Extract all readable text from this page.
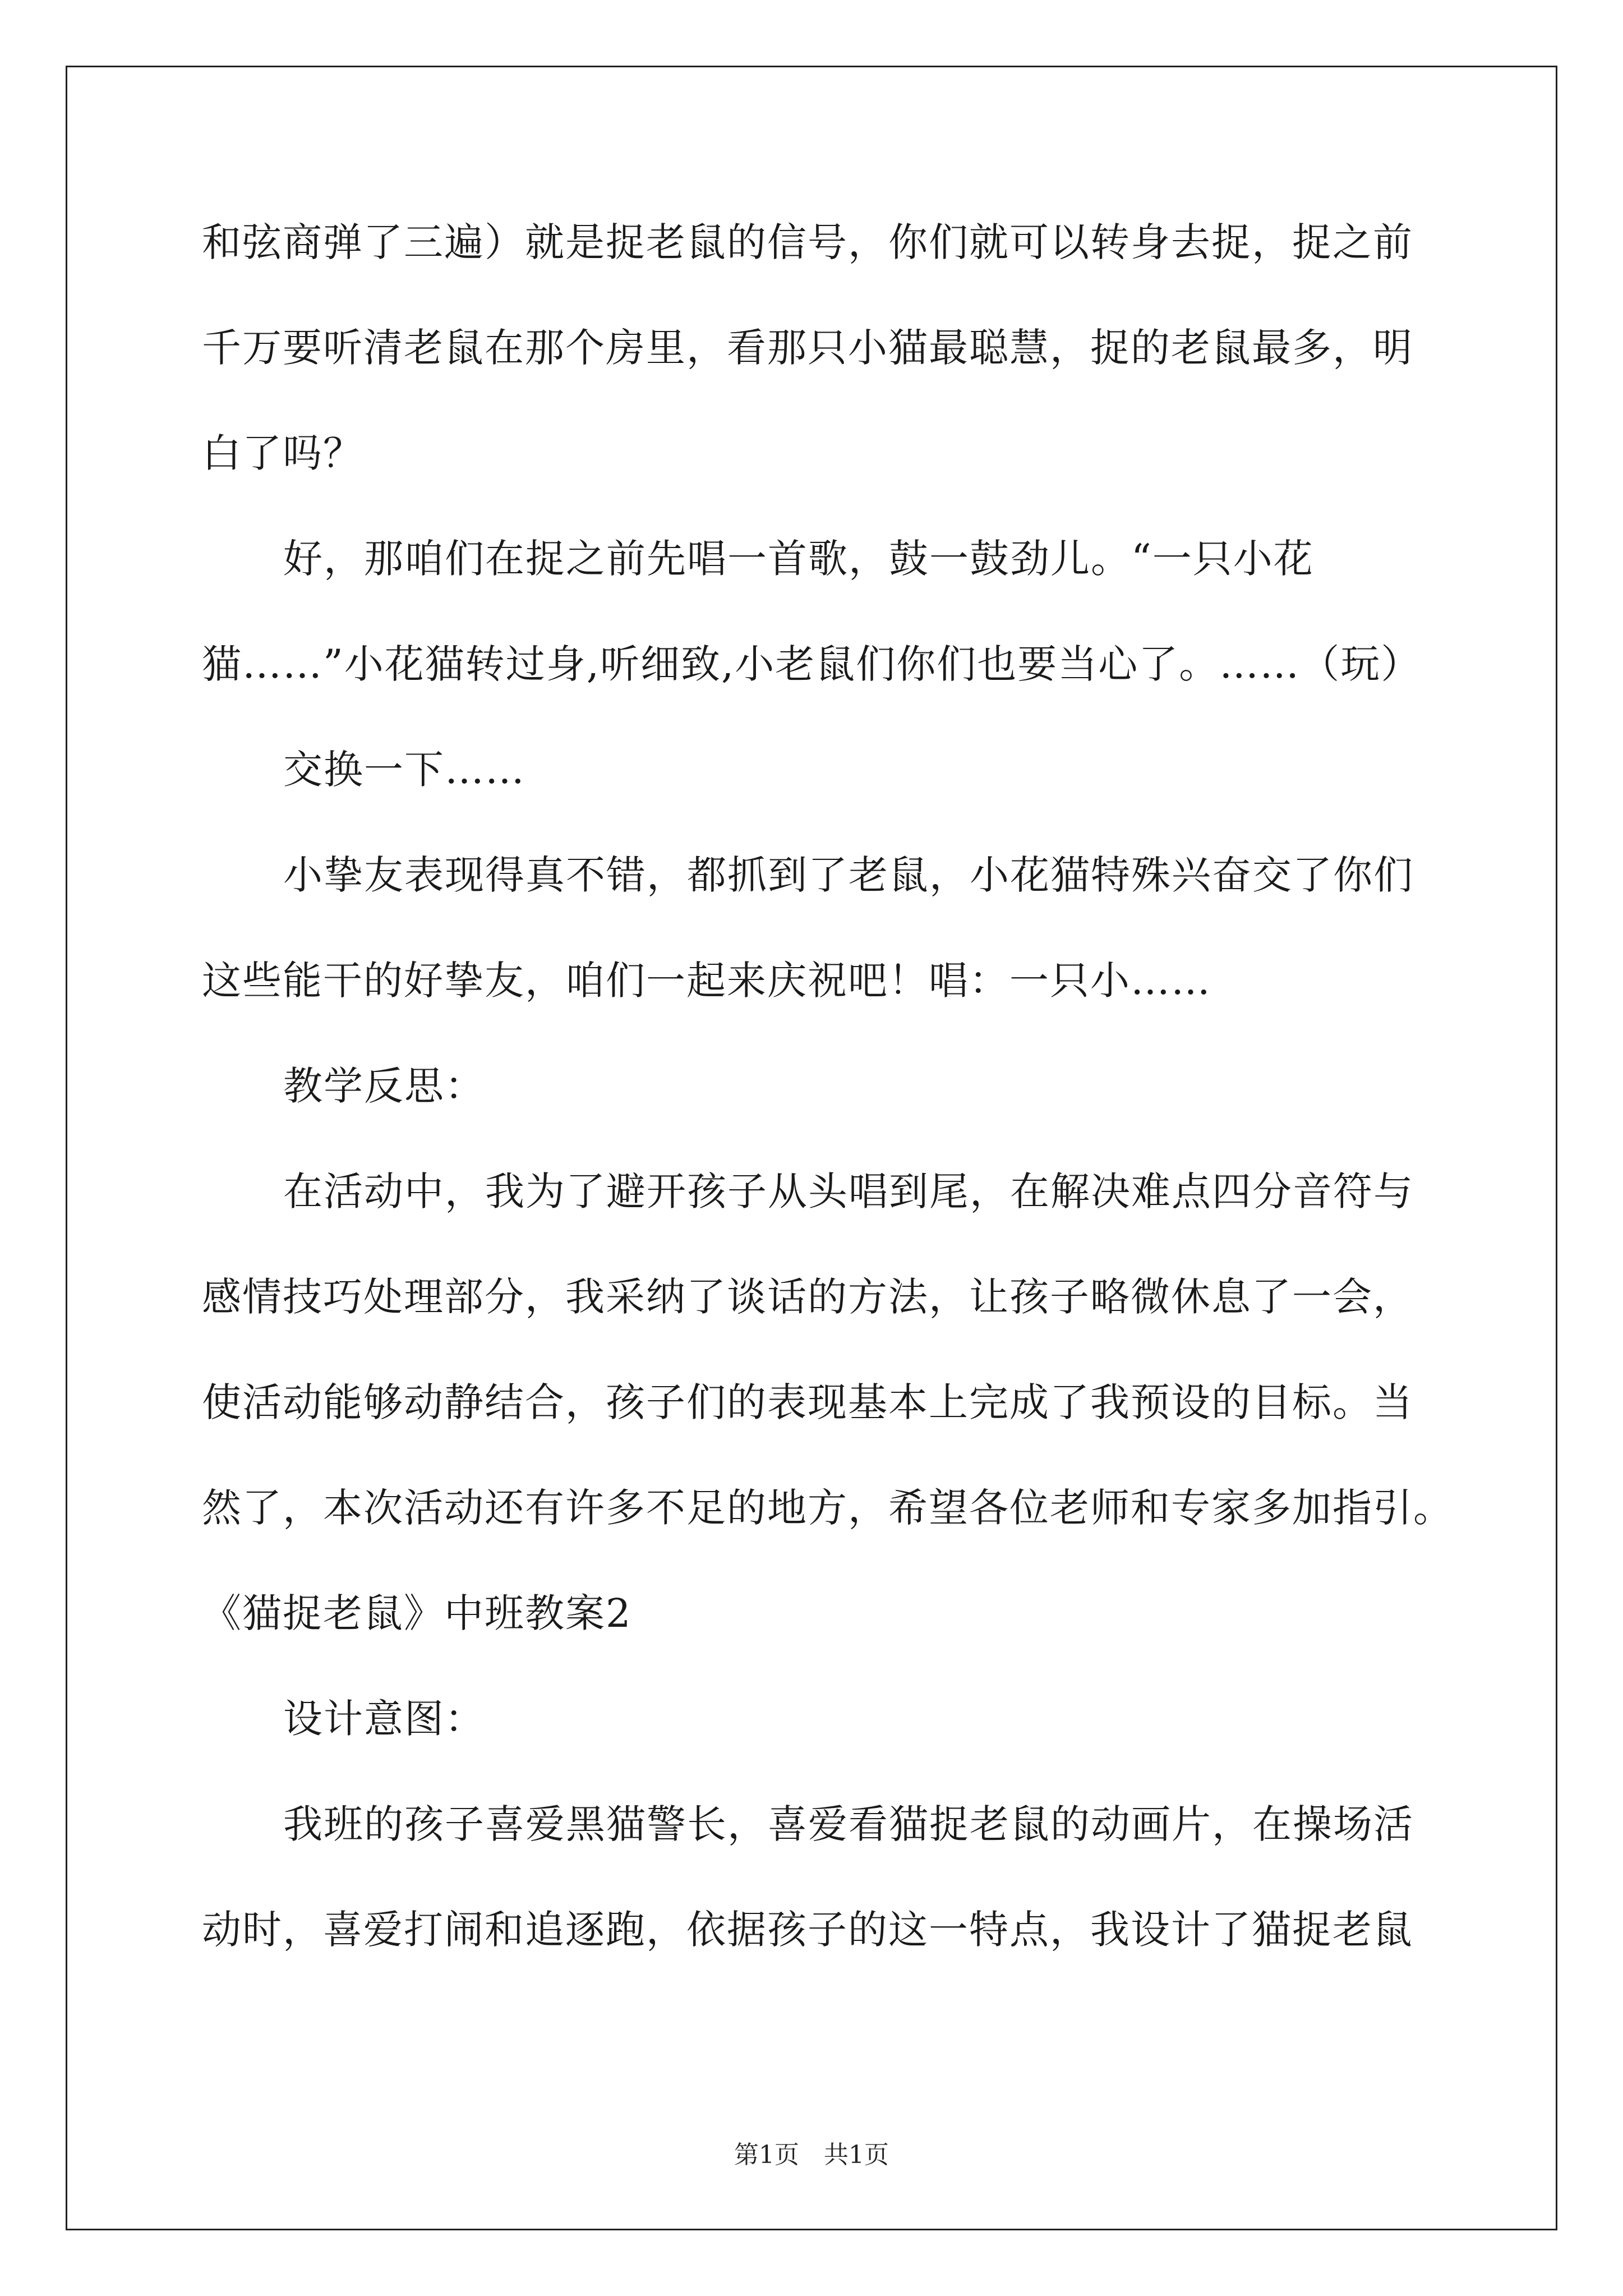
和弦商弹了三遍）就是捉老鼠的信号，你们就可以转身去捉，捉之前
千万要听清老鼠在那个房里，看那只小猫最聪慧，捉的老鼠最多，明
白了吗？
好，那咱们在捉之前先唱一首歌，鼓一鼓劲儿。“一只小花
猫……”小花猫转过身,听细致,小老鼠们你们也要当心了。……（玩）
交换一下……
小挚友表现得真不错，都抓到了老鼠，小花猫特殊兴奋交了你们
这些能干的好挚友，咱们一起来庆祝吧！唱：一只小……
教学反思：
在活动中，我为了避开孩子从头唱到尾，在解决难点四分音符与
感情技巧处理部分，我采纳了谈话的方法，让孩子略微休息了一会，
使活动能够动静结合，孩子们的表现基本上完成了我预设的目标。当
然了，本次活动还有许多不足的地方，希望各位老师和专家多加指引。
《猫捉老鼠》中班教案2
设计意图：
我班的孩子喜爱黑猫警长，喜爱看猫捉老鼠的动画片，在操场活
动时，喜爱打闹和追逐跑，依据孩子的这一特点，我设计了猫捉老鼠
第1页　共1页
